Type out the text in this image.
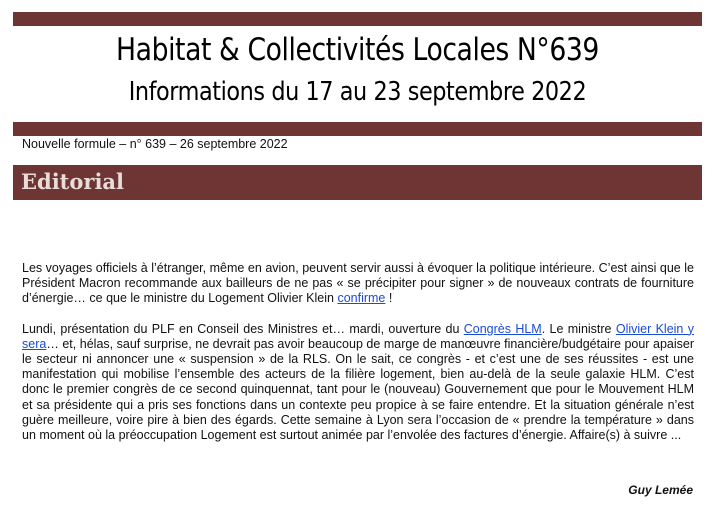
Habitat & Collectivités Locales N°639
Informations du 17 au 23 septembre 2022
Nouvelle formule – n° 639 – 26 septembre 2022
Editorial

Les voyages officiels à l’étranger, même en avion, peuvent servir aussi à évoquer la politique intérieure. C’est ainsi que le Président Macron recommande aux bailleurs de ne pas « se précipiter pour signer » de nouveaux contrats de fourniture d’énergie… ce que le ministre du Logement Olivier Klein confirme !

Lundi, présentation du PLF en Conseil des Ministres et… mardi, ouverture du Congrès HLM. Le ministre Olivier Klein y sera… et, hélas, sauf surprise, ne devrait pas avoir beaucoup de marge de manœuvre financière/budgétaire pour apaiser le secteur ni annoncer une « suspension » de la RLS. On le sait, ce congrès - et c’est une de ses réussites - est une manifestation qui mobilise l’ensemble des acteurs de la filière logement, bien au-delà de la seule galaxie HLM. C’est donc le premier congrès de ce second quinquennat, tant pour le (nouveau) Gouvernement que pour le Mouvement HLM et sa présidente qui a pris ses fonctions dans un contexte peu propice à se faire entendre. Et la situation générale n’est guère meilleure, voire pire à bien des égards. Cette semaine à Lyon sera l’occasion de « prendre la température » dans un moment où la préoccupation Logement est surtout animée par l’envolée des factures d’énergie. Affaire(s) à suivre ...

Guy Lemée
